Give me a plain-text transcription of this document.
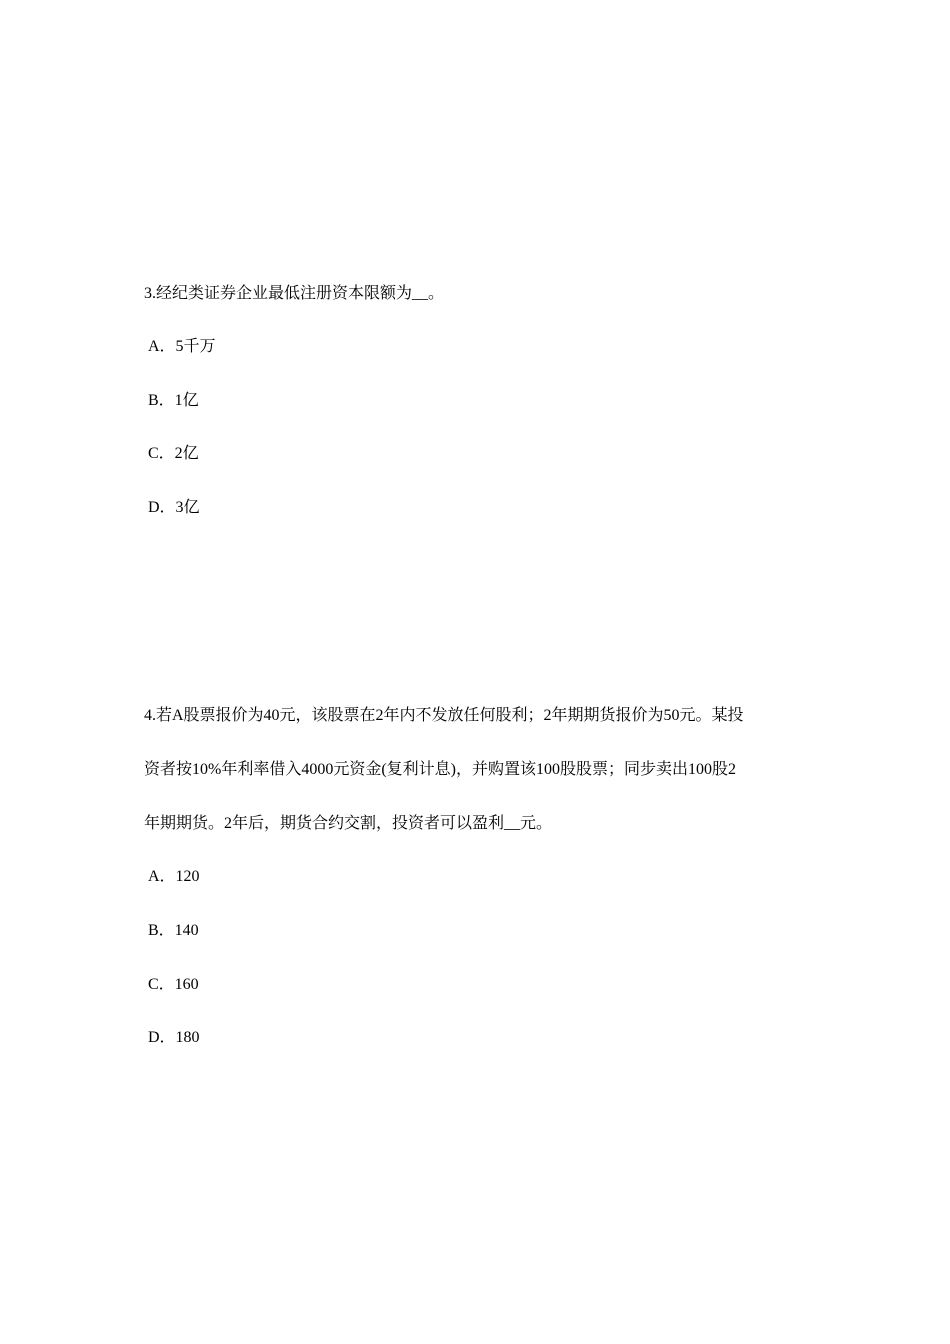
3.经纪类证券企业最低注册资本限额为__。
A．5千万
B．1亿
C．2亿
D．3亿
4.若A股票报价为40元，该股票在2年内不发放任何股利；2年期期货报价为50元。某投
资者按10%年利率借入4000元资金(复利计息)，并购置该100股股票；同步卖出100股2
年期期货。2年后，期货合约交割，投资者可以盈利__元。
A．120
B．140
C．160
D．180
